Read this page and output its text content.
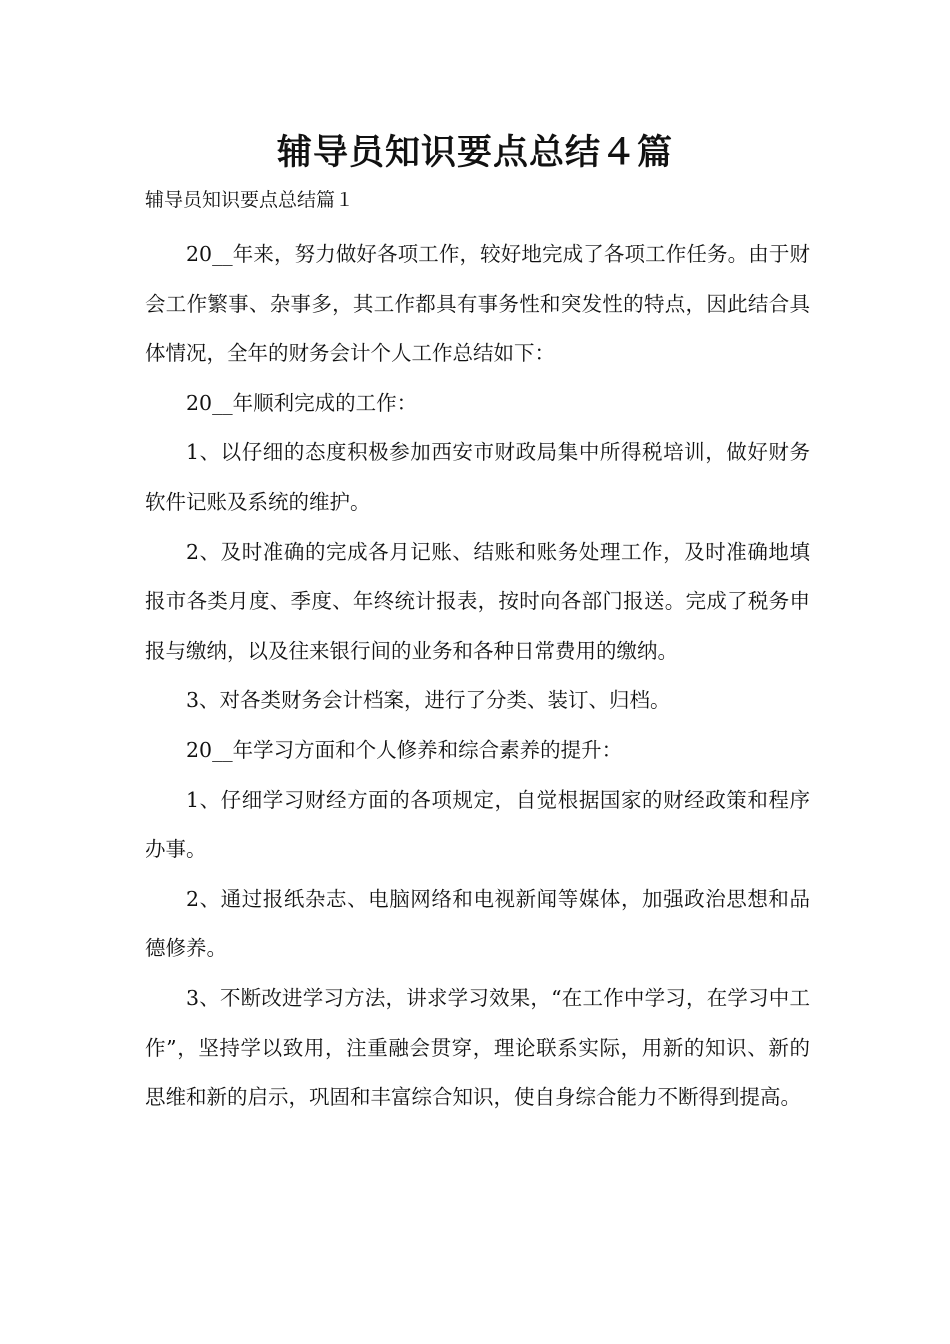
辅导员知识要点总结４篇
辅导员知识要点总结篇１

20__年来，努力做好各项工作，较好地完成了各项工作任务。由于财会工作繁事、杂事多，其工作都具有事务性和突发性的特点，因此结合具体情况，全年的财务会计个人工作总结如下：

20__年顺利完成的工作：

1、以仔细的态度积极参加西安市财政局集中所得税培训，做好财务软件记账及系统的维护。

2、及时准确的完成各月记账、结账和账务处理工作，及时准确地填报市各类月度、季度、年终统计报表，按时向各部门报送。完成了税务申报与缴纳，以及往来银行间的业务和各种日常费用的缴纳。

3、对各类财务会计档案，进行了分类、装订、归档。

20__年学习方面和个人修养和综合素养的提升：

1、仔细学习财经方面的各项规定，自觉根据国家的财经政策和程序办事。

2、通过报纸杂志、电脑网络和电视新闻等媒体，加强政治思想和品德修养。

3、不断改进学习方法，讲求学习效果，“在工作中学习，在学习中工作”，坚持学以致用，注重融会贯穿，理论联系实际，用新的知识、新的思维和新的启示，巩固和丰富综合知识，使自身综合能力不断得到提高。
